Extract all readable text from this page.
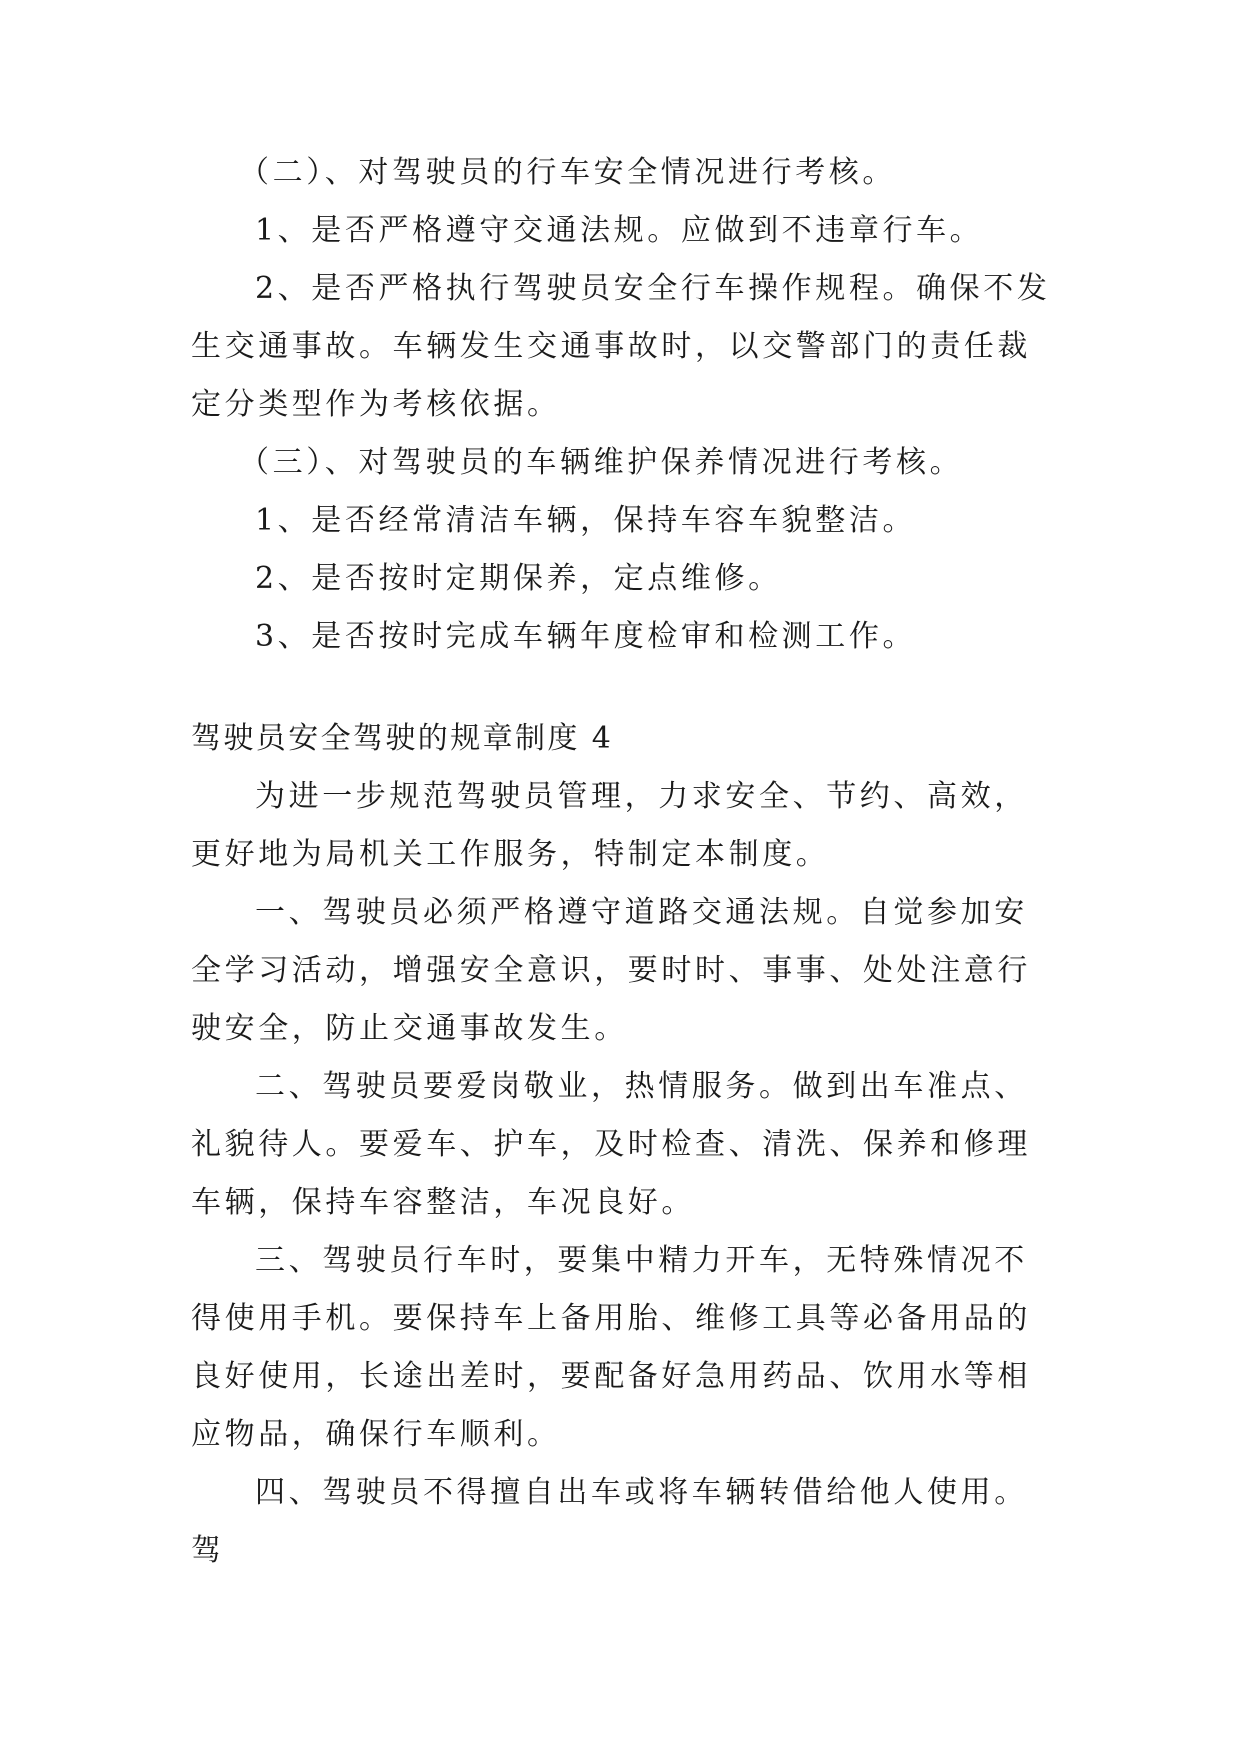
（二）、对驾驶员的行车安全情况进行考核。

1、是否严格遵守交通法规。应做到不违章行车。

2、是否严格执行驾驶员安全行车操作规程。确保不发生交通事故。车辆发生交通事故时，以交警部门的责任裁定分类型作为考核依据。

（三）、对驾驶员的车辆维护保养情况进行考核。

1、是否经常清洁车辆，保持车容车貌整洁。

2、是否按时定期保养，定点维修。

3、是否按时完成车辆年度检审和检测工作。

驾驶员安全驾驶的规章制度 4

为进一步规范驾驶员管理，力求安全、节约、高效，更好地为局机关工作服务，特制定本制度。

一、驾驶员必须严格遵守道路交通法规。自觉参加安全学习活动，增强安全意识，要时时、事事、处处注意行驶安全，防止交通事故发生。

二、驾驶员要爱岗敬业，热情服务。做到出车准点、礼貌待人。要爱车、护车，及时检查、清洗、保养和修理车辆，保持车容整洁，车况良好。

三、驾驶员行车时，要集中精力开车，无特殊情况不得使用手机。要保持车上备用胎、维修工具等必备用品的良好使用，长途出差时，要配备好急用药品、饮用水等相应物品，确保行车顺利。

四、驾驶员不得擅自出车或将车辆转借给他人使用。驾
